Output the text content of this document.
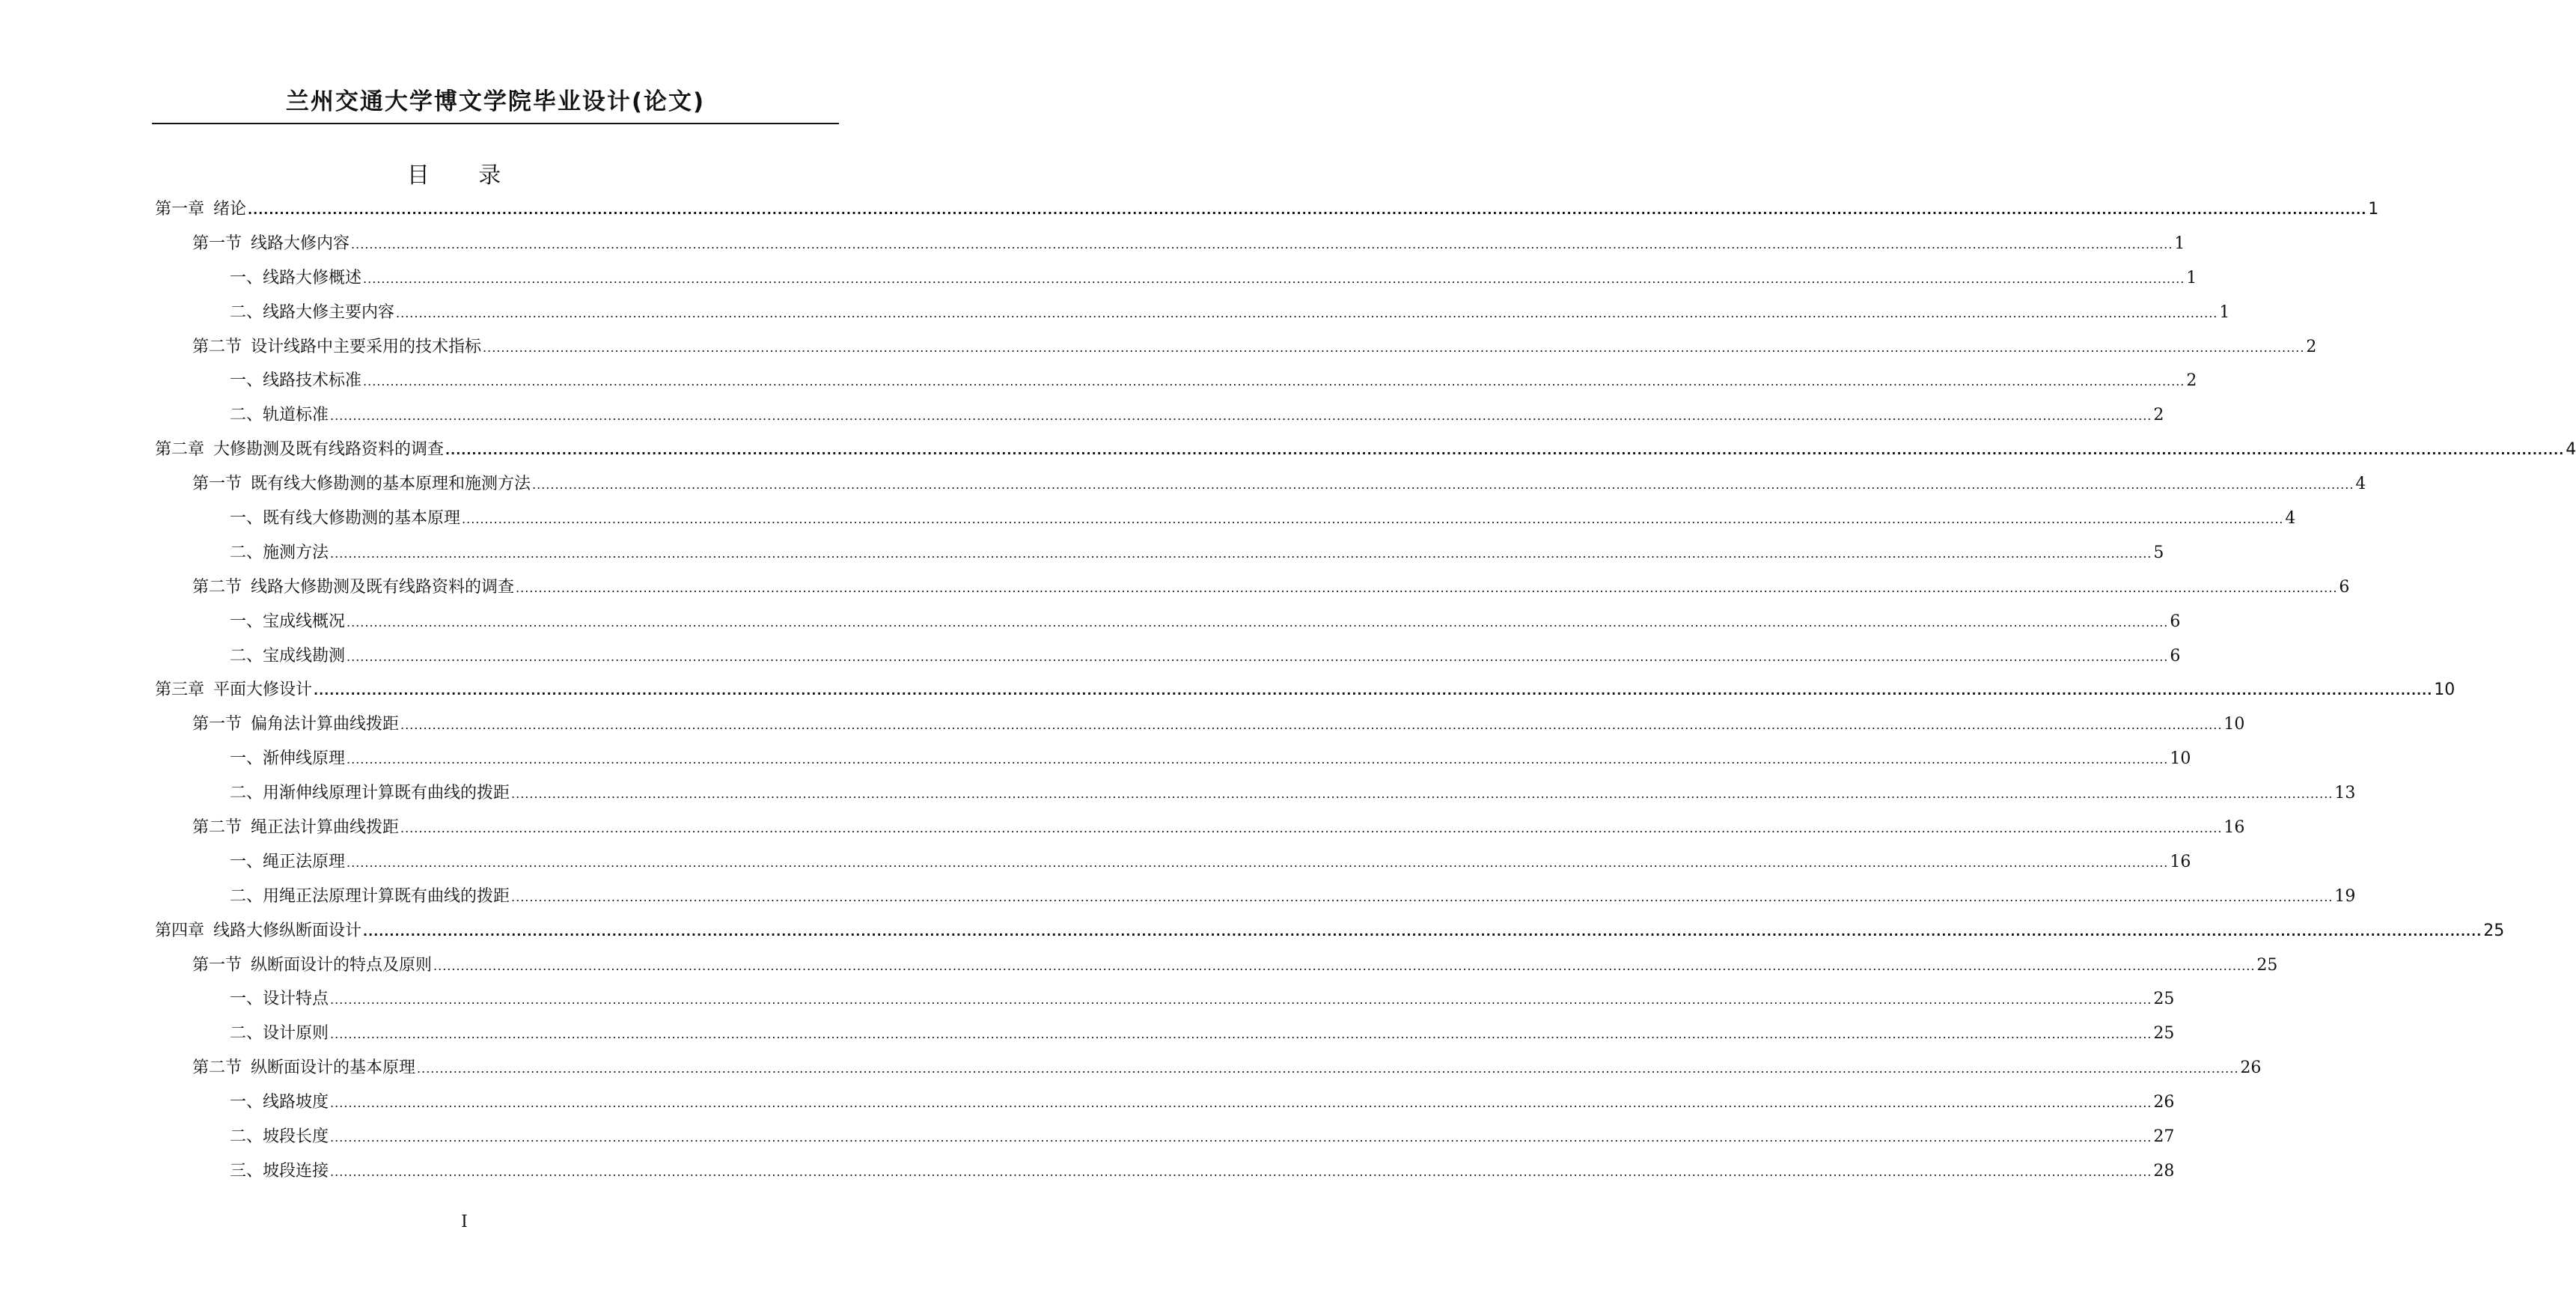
兰州交通大学博文学院毕业设计(论文)
目 录
第一章 绪论 ................................................................................................................................................................................................................................................................................................................................................................................................................ 1
第一节 线路大修内容 ................................................................................................................................................................................................................................................................................................................................................................................................................ 1
一、线路大修概述 ................................................................................................................................................................................................................................................................................................................................................................................................................ 1
二、线路大修主要内容 ................................................................................................................................................................................................................................................................................................................................................................................................................ 1
第二节 设计线路中主要采用的技术指标 ................................................................................................................................................................................................................................................................................................................................................................................................................ 2
一、线路技术标准 ................................................................................................................................................................................................................................................................................................................................................................................................................ 2
二、轨道标准 ................................................................................................................................................................................................................................................................................................................................................................................................................ 2
第二章 大修勘测及既有线路资料的调查 ................................................................................................................................................................................................................................................................................................................................................................................................................ 4
第一节 既有线大修勘测的基本原理和施测方法 ................................................................................................................................................................................................................................................................................................................................................................................................................ 4
一、既有线大修勘测的基本原理 ................................................................................................................................................................................................................................................................................................................................................................................................................ 4
二、施测方法 ................................................................................................................................................................................................................................................................................................................................................................................................................ 5
第二节 线路大修勘测及既有线路资料的调查 ................................................................................................................................................................................................................................................................................................................................................................................................................ 6
一、宝成线概况 ................................................................................................................................................................................................................................................................................................................................................................................................................ 6
二、宝成线勘测 ................................................................................................................................................................................................................................................................................................................................................................................................................ 6
第三章 平面大修设计 ................................................................................................................................................................................................................................................................................................................................................................................................................ 10
第一节 偏角法计算曲线拨距 ................................................................................................................................................................................................................................................................................................................................................................................................................ 10
一、渐伸线原理 ................................................................................................................................................................................................................................................................................................................................................................................................................ 10
二、用渐伸线原理计算既有曲线的拨距 ................................................................................................................................................................................................................................................................................................................................................................................................................ 13
第二节 绳正法计算曲线拨距 ................................................................................................................................................................................................................................................................................................................................................................................................................ 16
一、绳正法原理 ................................................................................................................................................................................................................................................................................................................................................................................................................ 16
二、用绳正法原理计算既有曲线的拨距 ................................................................................................................................................................................................................................................................................................................................................................................................................ 19
第四章 线路大修纵断面设计 ................................................................................................................................................................................................................................................................................................................................................................................................................ 25
第一节 纵断面设计的特点及原则 ................................................................................................................................................................................................................................................................................................................................................................................................................ 25
一、设计特点 ................................................................................................................................................................................................................................................................................................................................................................................................................ 25
二、设计原则 ................................................................................................................................................................................................................................................................................................................................................................................................................ 25
第二节 纵断面设计的基本原理 ................................................................................................................................................................................................................................................................................................................................................................................................................ 26
一、线路坡度 ................................................................................................................................................................................................................................................................................................................................................................................................................ 26
二、坡段长度 ................................................................................................................................................................................................................................................................................................................................................................................................................ 27
三、坡段连接 ................................................................................................................................................................................................................................................................................................................................................................................................................ 28
I
